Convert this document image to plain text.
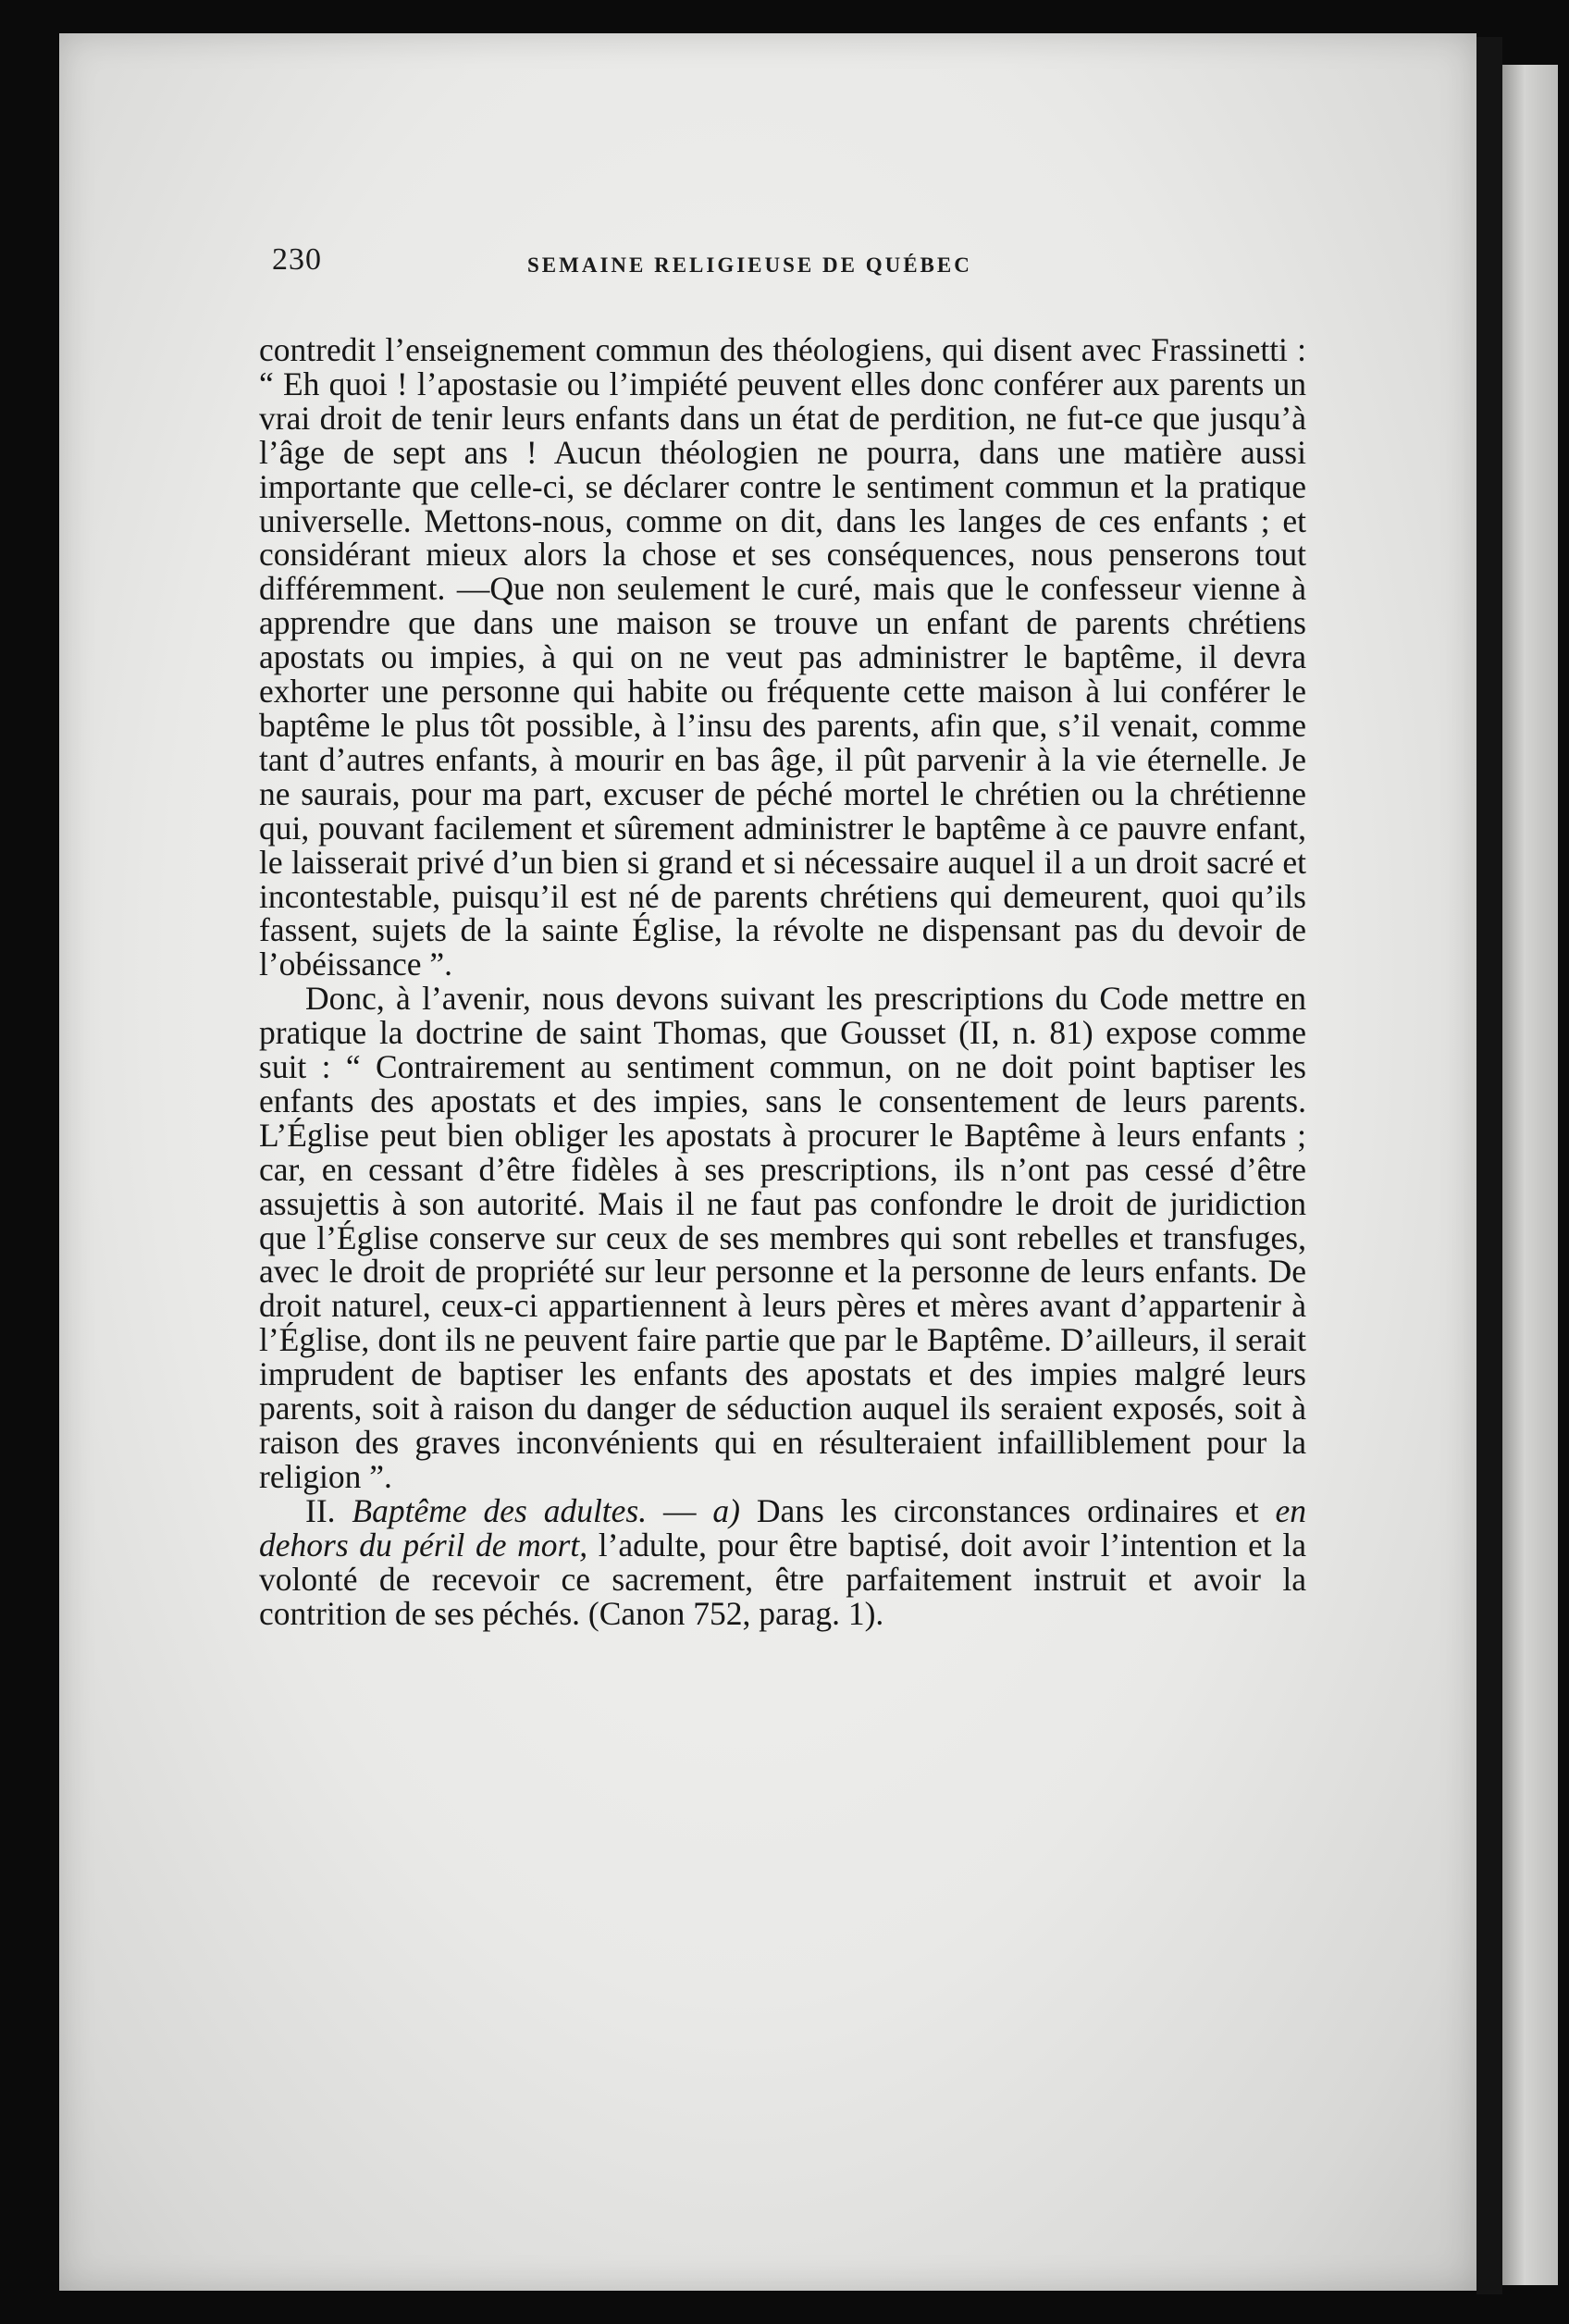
230	SEMAINE RELIGIEUSE DE QUÉBEC

contredit l’enseignement commun des théologiens, qui disent avec Frassinetti : “ Eh quoi ! l’apostasie ou l’impiété peuvent elles donc conférer aux parents un vrai droit de tenir leurs enfants dans un état de perdition, ne fut-ce que jusqu’à l’âge de sept ans ! Aucun théologien ne pourra, dans une matière aussi importante que celle-ci, se déclarer contre le sentiment commun et la pratique universelle. Mettons-nous, comme on dit, dans les langes de ces enfants ; et considérant mieux alors la chose et ses conséquences, nous penserons tout différemment. —Que non seulement le curé, mais que le confesseur vienne à apprendre que dans une maison se trouve un enfant de parents chrétiens apostats ou impies, à qui on ne veut pas administrer le baptême, il devra exhorter une personne qui habite ou fréquente cette maison à lui conférer le baptême le plus tôt possible, à l’insu des parents, afin que, s’il venait, comme tant d’autres enfants, à mourir en bas âge, il pût parvenir à la vie éternelle. Je ne saurais, pour ma part, excuser de péché mortel le chrétien ou la chrétienne qui, pouvant facilement et sûrement administrer le baptême à ce pauvre enfant, le laisserait privé d’un bien si grand et si nécessaire auquel il a un droit sacré et incontestable, puisqu’il est né de parents chrétiens qui demeurent, quoi qu’ils fassent, sujets de la sainte Église, la révolte ne dispensant pas du devoir de l’obéissance ”.

Donc, à l’avenir, nous devons suivant les prescriptions du Code mettre en pratique la doctrine de saint Thomas, que Gousset (II, n. 81) expose comme suit : “ Contrairement au sentiment commun, on ne doit point baptiser les enfants des apostats et des impies, sans le consentement de leurs parents. L’Église peut bien obliger les apostats à procurer le Baptême à leurs enfants ; car, en cessant d’être fidèles à ses prescriptions, ils n’ont pas cessé d’être assujettis à son autorité. Mais il ne faut pas confondre le droit de juridiction que l’Église conserve sur ceux de ses membres qui sont rebelles et transfuges, avec le droit de propriété sur leur personne et la personne de leurs enfants. De droit naturel, ceux-ci appartiennent à leurs pères et mères avant d’appartenir à l’Église, dont ils ne peuvent faire partie que par le Baptême. D’ailleurs, il serait imprudent de baptiser les enfants des apostats et des impies malgré leurs parents, soit à raison du danger de séduction auquel ils seraient exposés, soit à raison des graves inconvénients qui en résulteraient infailliblement pour la religion ”.

II. Baptême des adultes. — a) Dans les circonstances ordinaires et en dehors du péril de mort, l’adulte, pour être baptisé, doit avoir l’intention et la volonté de recevoir ce sacrement, être parfaitement instruit et avoir la contrition de ses péchés. (Canon 752, parag. 1).
